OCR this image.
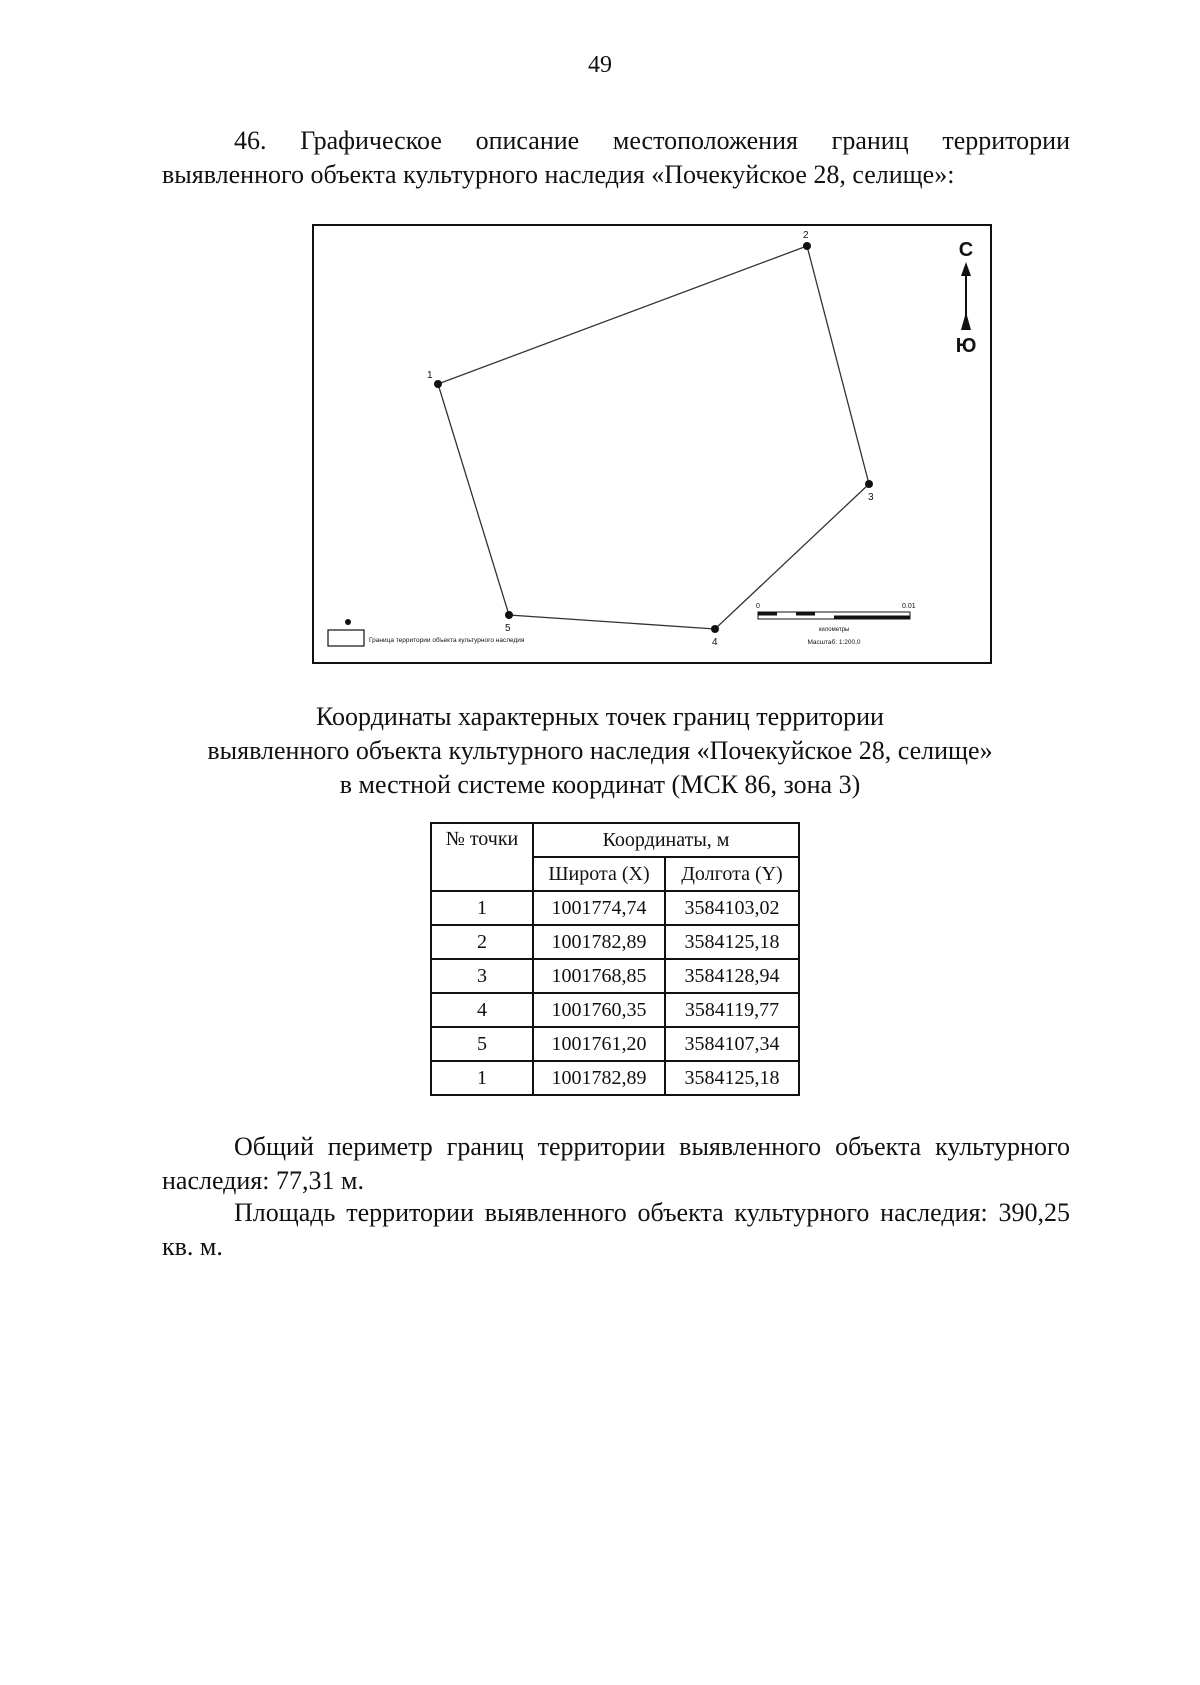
49
46. Графическое описание местоположения границ территории выявленного объекта культурного наследия «Почекуйское 28, селище»:
1
2
3
4
5
С
Ю
Граница территории объекта культурного наследия
0	0.01
километры
Масштаб: 1:200,0
Координаты характерных точек границ территории
выявленного объекта культурного наследия «Почекуйское 28, селище»
в местной системе координат (МСК 86, зона 3)
№ точки	Координаты, м	
	Широта (X)	Долгота (Y)
1	1001774,74	3584103,02
2	1001782,89	3584125,18
3	1001768,85	3584128,94
4	1001760,35	3584119,77
5	1001761,20	3584107,34
1	1001782,89	3584125,18
Общий периметр границ территории выявленного объекта культурного наследия: 77,31 м.
Площадь территории выявленного объекта культурного наследия: 390,25 кв. м.
